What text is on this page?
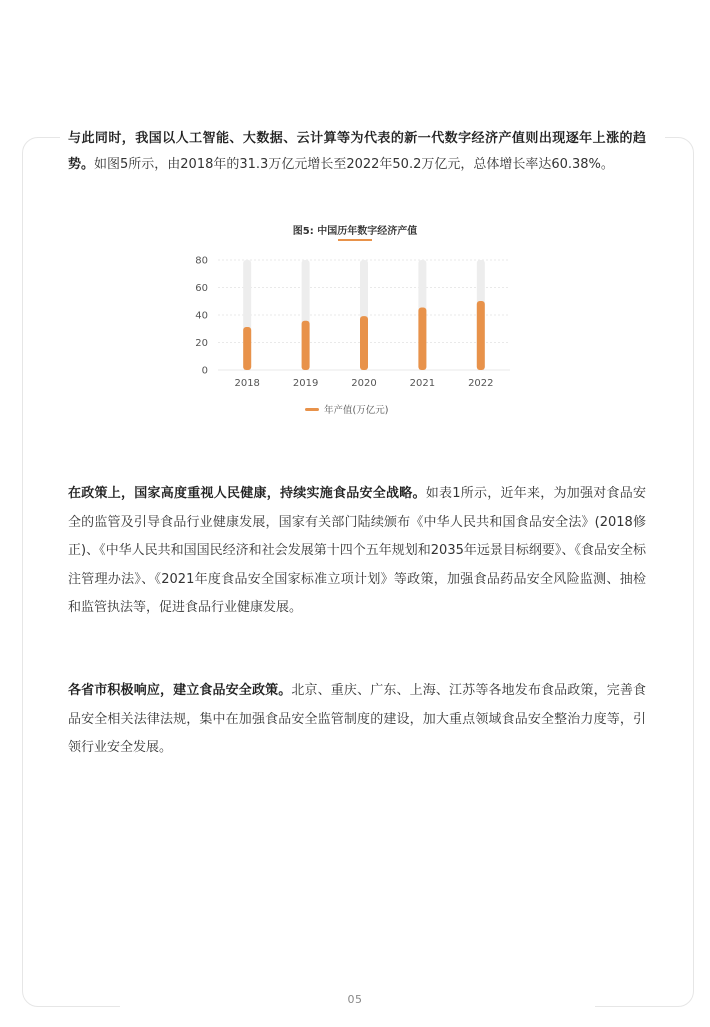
与此同时，我国以人工智能、大数据、云计算等为代表的新一代数字经济产值则出现逐年上涨的趋势。如图5所示，由2018年的31.3万亿元增长至2022年50.2万亿元，总体增长率达60.38%。

图5: 中国历年数字经济产值
0
20
40
60
80
2018	2019	2020	2021	2022
年产值(万亿元)

在政策上，国家高度重视人民健康，持续实施食品安全战略。如表1所示，近年来，为加强对食品安全的监管及引导食品行业健康发展，国家有关部门陆续颁布《中华人民共和国食品安全法》(2018修正)、《中华人民共和国国民经济和社会发展第十四个五年规划和2035年远景目标纲要》、《食品安全标注管理办法》、《2021年度食品安全国家标准立项计划》等政策，加强食品药品安全风险监测、抽检和监管执法等，促进食品行业健康发展。

各省市积极响应，建立食品安全政策。北京、重庆、广东、上海、江苏等各地发布食品政策，完善食品安全相关法律法规，集中在加强食品安全监管制度的建设，加大重点领域食品安全整治力度等，引领行业安全发展。

05
